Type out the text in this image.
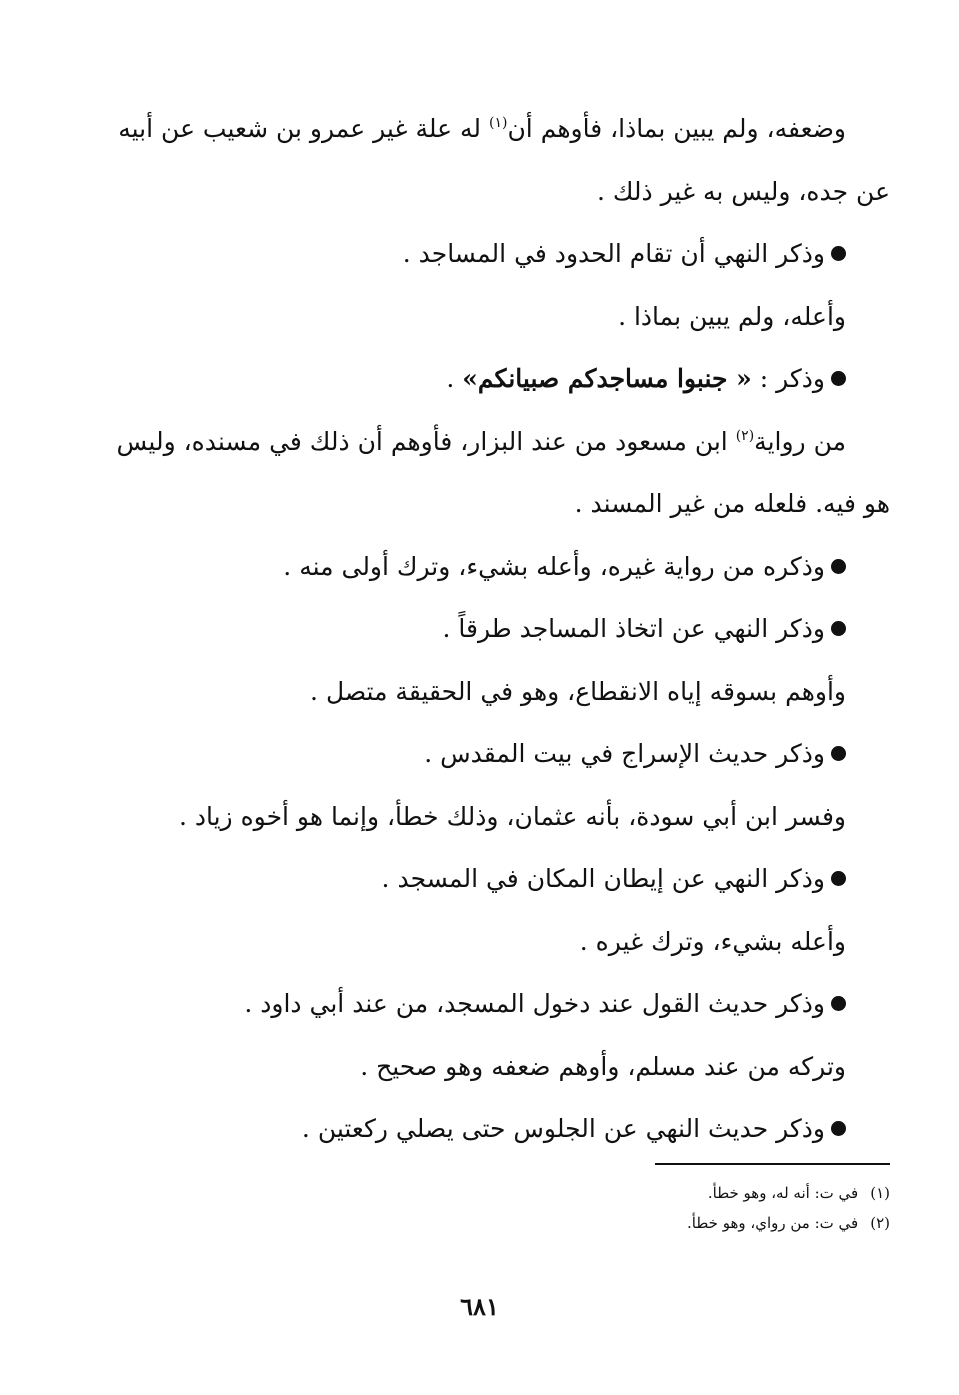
وضعفه، ولم يبين بماذا، فأوهم أن$^{(١)}$ له علة غير عمرو بن شعيب عن أبيه
عن جده، وليس به غير ذلك .
وذكر النهي أن تقام الحدود في المساجد .
وأعله، ولم يبين بماذا .
وذكر : « جنبوا مساجدكم صبيانكم» .
من رواية$^{(٢)}$ ابن مسعود من عند البزار، فأوهم أن ذلك في مسنده، وليس
هو فيه. فلعله من غير المسند .
وذكره من رواية غيره، وأعله بشيء، وترك أولى منه .
وذكر النهي عن اتخاذ المساجد طرقاً .
وأوهم بسوقه إياه الانقطاع، وهو في الحقيقة متصل .
وذكر حديث الإسراج في بيت المقدس .
وفسر ابن أبي سودة، بأنه عثمان، وذلك خطأ، وإنما هو أخوه زياد .
وذكر النهي عن إيطان المكان في المسجد .
وأعله بشيء، وترك غيره .
وذكر حديث القول عند دخول المسجد، من عند أبي داود .
وتركه من عند مسلم، وأوهم ضعفه وهو صحيح .
وذكر حديث النهي عن الجلوس حتى يصلي ركعتين .
(١)في ت: أنه له، وهو خطأ.
(٢)في ت: من رواي، وهو خطأ.
٦٨١
